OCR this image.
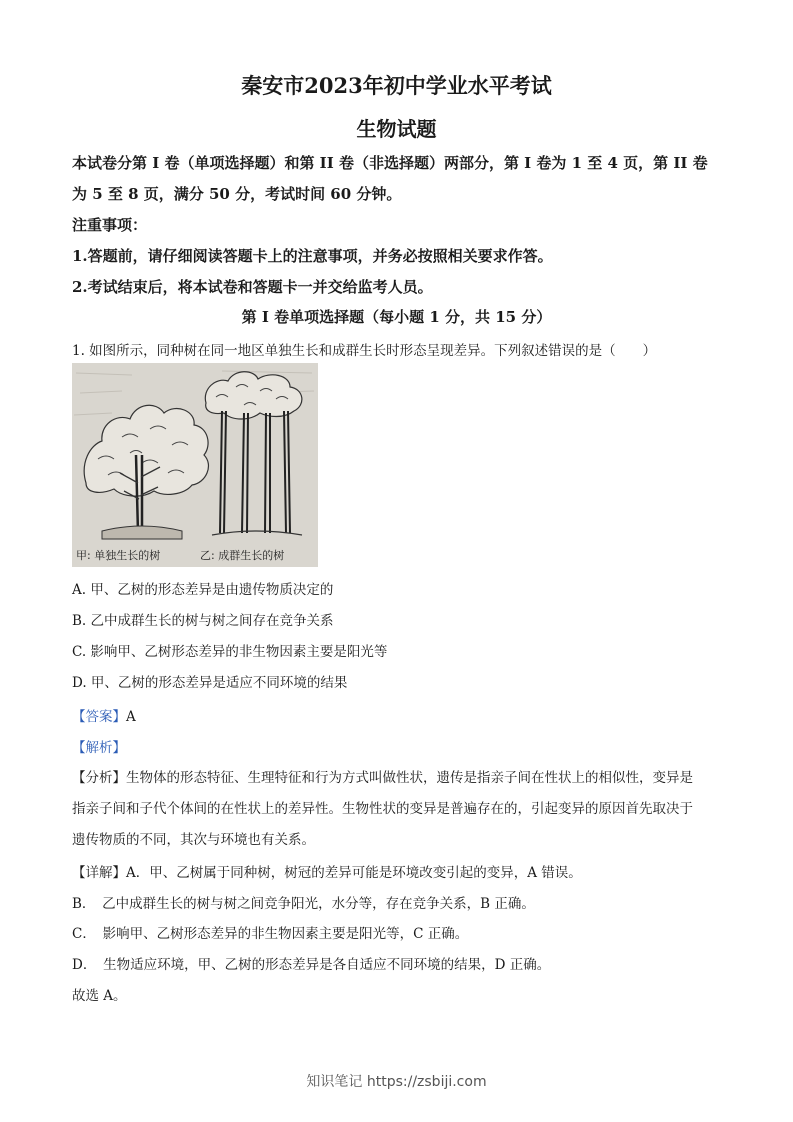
秦安市2023年初中学业水平考试
生物试题
本试卷分第 I 卷（单项选择题）和第 II 卷（非选择题）两部分，第 I 卷为 1 至 4 页，第 II 卷
为 5 至 8 页，满分 50 分，考试时间 60 分钟。
注重事项：
1.答题前，请仔细阅读答题卡上的注意事项，并务必按照相关要求作答。
2.考试结束后，将本试卷和答题卡一并交给监考人员。
第 I 卷单项选择题（每小题 1 分，共 15 分）
1. 如图所示，同种树在同一地区单独生长和成群生长时形态呈现差异。下列叙述错误的是（　　）
甲: 单独生长的树	乙: 成群生长的树
A. 甲、乙树的形态差异是由遗传物质决定的
B. 乙中成群生长的树与树之间存在竞争关系
C. 影响甲、乙树形态差异的非生物因素主要是阳光等
D. 甲、乙树的形态差异是适应不同环境的结果
【答案】A
【解析】
【分析】生物体的形态特征、生理特征和行为方式叫做性状，遗传是指亲子间在性状上的相似性，变异是
指亲子间和子代个体间的在性状上的差异性。生物性状的变异是普遍存在的，引起变异的原因首先取决于
遗传物质的不同，其次与环境也有关系。
【详解】A．甲、乙树属于同种树，树冠的差异可能是环境改变引起的变异，A 错误。
B．　乙中成群生长的树与树之间竞争阳光，水分等，存在竞争关系，B 正确。
C．　影响甲、乙树形态差异的非生物因素主要是阳光等，C 正确。
D．　生物适应环境，甲、乙树的形态差异是各自适应不同环境的结果，D 正确。
故选 A。
知识笔记 https://zsbiji.com
